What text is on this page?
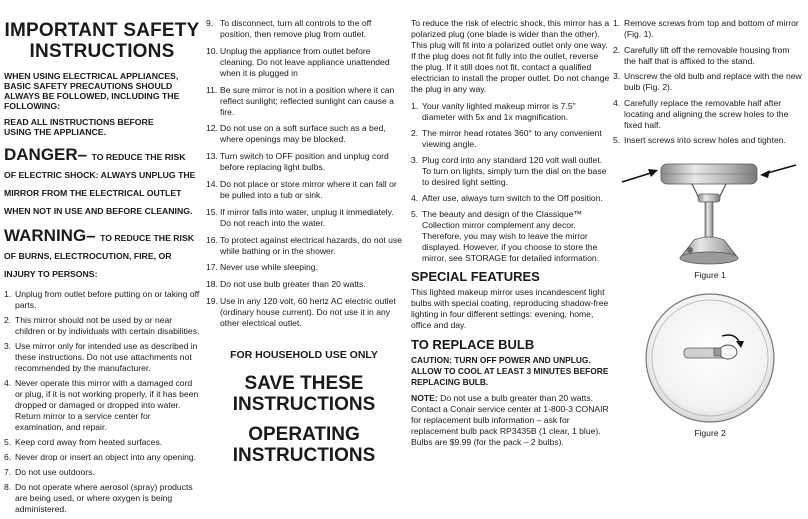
IMPORTANT SAFETY INSTRUCTIONS
WHEN USING ELECTRICAL APPLIANCES, BASIC SAFETY PRECAUTIONS SHOULD ALWAYS BE FOLLOWED, INCLUDING THE FOLLOWING:
READ ALL INSTRUCTIONS BEFORE USING THE APPLIANCE.
DANGER– TO REDUCE THE RISK OF ELECTRIC SHOCK: ALWAYS UNPLUG THE MIRROR FROM THE ELECTRICAL OUTLET WHEN NOT IN USE AND BEFORE CLEANING.
WARNING– TO REDUCE THE RISK OF BURNS, ELECTROCUTION, FIRE, OR INJURY TO PERSONS:
1. Unplug from outlet before putting on or taking off parts.
2. This mirror should not be used by or near children or by individuals with certain disabilities.
3. Use mirror only for intended use as described in these instructions. Do not use attachments not recommended by the manufacturer.
4. Never operate this mirror with a damaged cord or plug, if it is not working properly, if it has been dropped or damaged or dropped into water. Return mirror to a service center for examination, and repair.
5. Keep cord away from heated surfaces.
6. Never drop or insert an object into any opening.
7. Do not use outdoors.
8. Do not operate where aerosol (spray) products are being used, or where oxygen is being administered.
9. To disconnect, turn all controls to the off position, then remove plug from outlet.
10. Unplug the appliance from outlet before cleaning. Do not leave appliance unattended when it is plugged in
11. Be sure mirror is not in a position where it can reflect sunlight; reflected sunlight can cause a fire.
12. Do not use on a soft surface such as a bed, where openings may be blocked.
13. Turn switch to OFF position and unplug cord before replacing light bulbs.
14. Do not place or store mirror where it can fall or be pulled into a tub or sink.
15. If mirror falls into water, unplug it immediately. Do not reach into the water.
16. To protect against electrical hazards, do not use while bathing or in the shower.
17. Never use while sleeping.
18. Do not use bulb greater than 20 watts.
19. Use in any 120 volt, 60 hertz AC electric outlet (ordinary house current). Do not use it in any other electrical outlet.
FOR HOUSEHOLD USE ONLY
SAVE THESE INSTRUCTIONS
OPERATING INSTRUCTIONS
To reduce the risk of electric shock, this mirror has a polarized plug (one blade is wider than the other). This plug will fit into a polarized outlet only one way. If the plug does not fit fully into the outlet, reverse the plug. If it still does not fit, contact a qualified electrician to install the proper outlet. Do not change the plug in any way.
1. Your vanity lighted makeup mirror is 7.5" diameter with 5x and 1x magnification.
2. The mirror head rotates 360° to any convenient viewing angle.
3. Plug cord into any standard 120 volt wall outlet. To turn on lights, simply turn the dial on the base to desired light setting.
4. After use, always turn switch to the Off position.
5. The beauty and design of the Classique™ Collection mirror complement any decor. Therefore, you may wish to leave the mirror displayed. However, if you choose to store the mirror, see STORAGE for detailed information.
SPECIAL FEATURES
This lighted makeup mirror uses incandescent light bulbs with special coating, reproducing shadow-free lighting in four different settings: evening, home, office and day.
TO REPLACE BULB
CAUTION: TURN OFF POWER AND UNPLUG. ALLOW TO COOL AT LEAST 3 MINUTES BEFORE REPLACING BULB.
NOTE: Do not use a bulb greater than 20 watts. Contact a Conair service center at 1-800-3 CONAIR for replacement bulb information – ask for replacement bulb pack RP3435B (1 clear, 1 blue). Bulbs are $9.99 (for the pack – 2 bulbs).
1. Remove screws from top and bottom of mirror (Fig. 1).
2. Carefully lift off the removable housing from the half that is affixed to the stand.
3. Unscrew the old bulb and replace with the new bulb (Fig. 2).
4. Carefully replace the removable half after locating and aligning the screw holes to the fixed half.
5. Insert screws into screw holes and tighten.
Figure 1
Figure 2
